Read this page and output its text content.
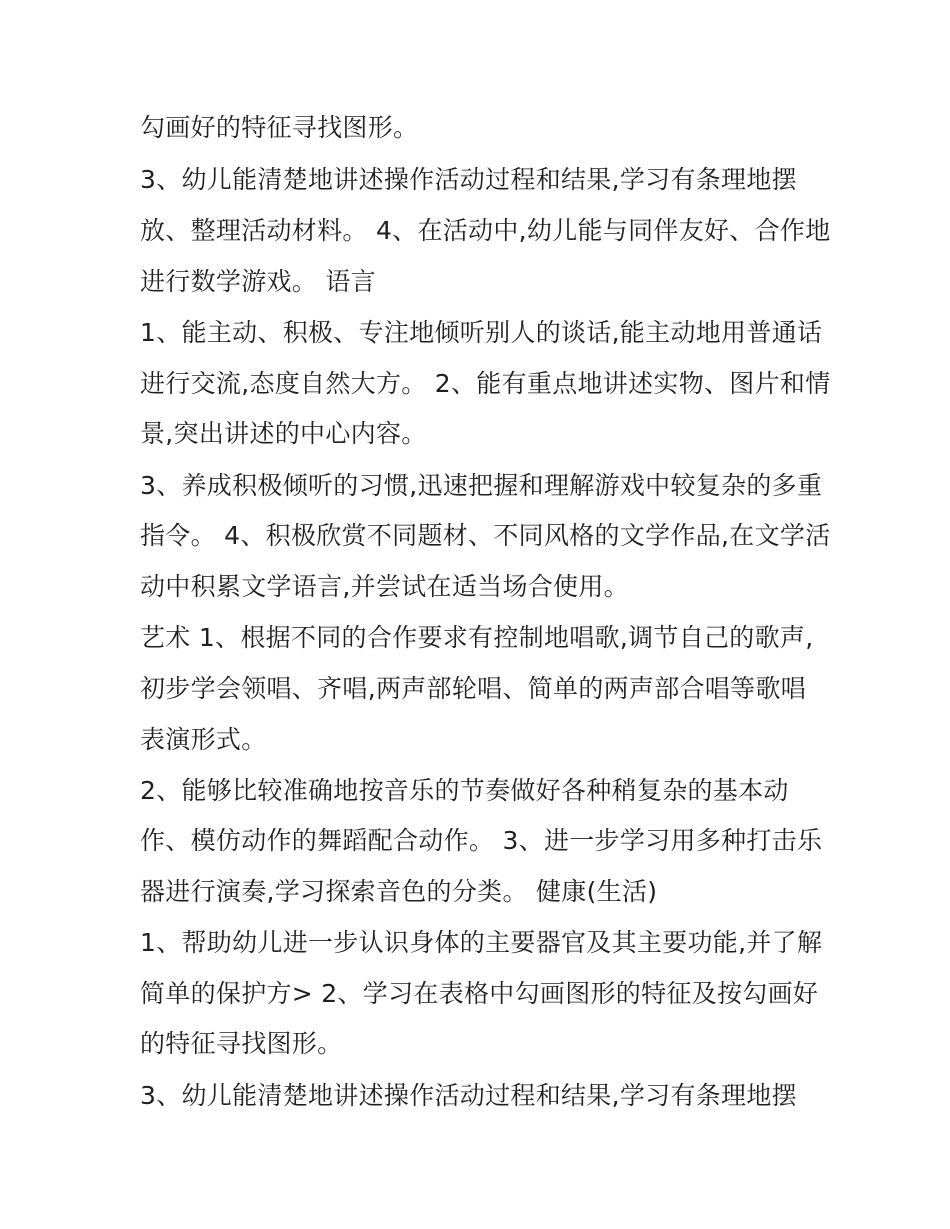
勾画好的特征寻找图形。
3、幼儿能清楚地讲述操作活动过程和结果,学习有条理地摆
放、整理活动材料。 4、在活动中,幼儿能与同伴友好、合作地
进行数学游戏。 语言
1、能主动、积极、专注地倾听别人的谈话,能主动地用普通话
进行交流,态度自然大方。 2、能有重点地讲述实物、图片和情
景,突出讲述的中心内容。
3、养成积极倾听的习惯,迅速把握和理解游戏中较复杂的多重
指令。 4、积极欣赏不同题材、不同风格的文学作品,在文学活
动中积累文学语言,并尝试在适当场合使用。
艺术 1、根据不同的合作要求有控制地唱歌,调节自己的歌声,
初步学会领唱、齐唱,两声部轮唱、简单的两声部合唱等歌唱
表演形式。
2、能够比较准确地按音乐的节奏做好各种稍复杂的基本动
作、模仿动作的舞蹈配合动作。 3、进一步学习用多种打击乐
器进行演奏,学习探索音色的分类。 健康(生活)
1、帮助幼儿进一步认识身体的主要器官及其主要功能,并了解
简单的保护方> 2、学习在表格中勾画图形的特征及按勾画好
的特征寻找图形。
3、幼儿能清楚地讲述操作活动过程和结果,学习有条理地摆
